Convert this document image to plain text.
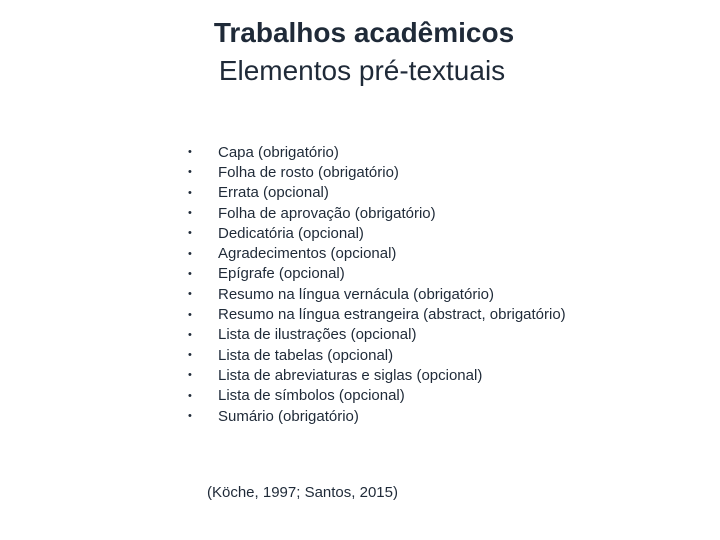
Trabalhos acadêmicos
Elementos pré-textuais
•	Capa (obrigatório)
•	Folha de rosto (obrigatório)
•	Errata (opcional)
•	Folha de aprovação (obrigatório)
•	Dedicatória (opcional)
•	Agradecimentos (opcional)
•	Epígrafe (opcional)
•	Resumo na língua vernácula (obrigatório)
•	Resumo na língua estrangeira (abstract, obrigatório)
•	Lista de ilustrações (opcional)
•	Lista de tabelas (opcional)
•	Lista de abreviaturas e siglas (opcional)
•	Lista de símbolos (opcional)
•	Sumário (obrigatório)
(Köche, 1997; Santos, 2015)
